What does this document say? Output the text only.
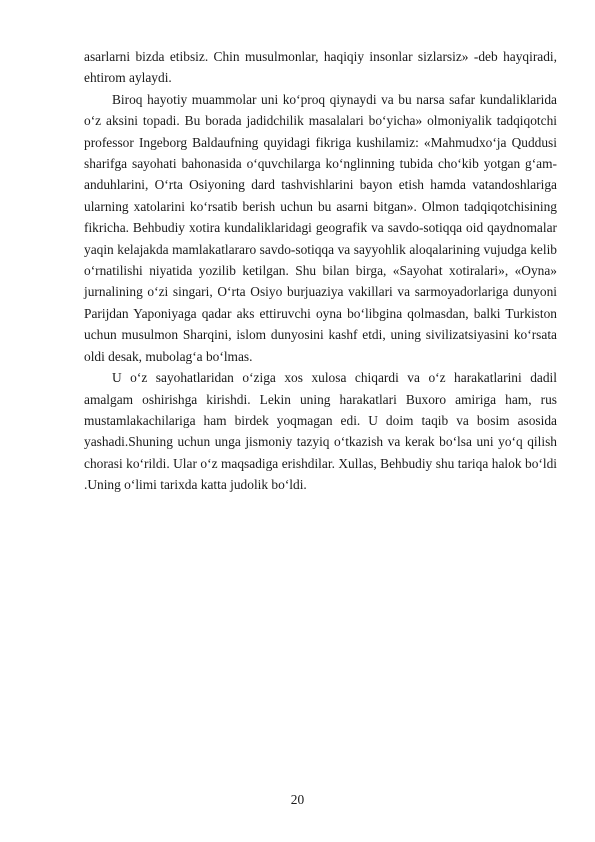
asarlarni bizda etibsiz. Chin musulmonlar, haqiqiy insonlar sizlarsiz» -deb hayqiradi, ehtirom aylaydi.

Biroq hayotiy muammolar uni ko‘proq qiynaydi va bu narsa safar kundaliklarida o‘z aksini topadi. Bu borada jadidchilik masalalari bo‘yicha» olmoniyalik tadqiqotchi professor Ingeborg Baldaufning quyidagi fikriga kushilamiz: «Mahmudxo‘ja Quddusi sharifga sayohati bahonasida o‘quvchilarga ko‘nglinning tubida cho‘kib yotgan g‘am-anduhlarini, O‘rta Osiyoning dard tashvishlarini bayon etish hamda vatandoshlariga ularning xatolarini ko‘rsatib berish uchun bu asarni bitgan». Olmon tadqiqotchisining fikricha. Behbudiy xotira kundaliklaridagi geografik va savdo-sotiqqa oid qaydnomalar yaqin kelajakda mamlakatlararo savdo-sotiqqa va sayyohlik aloqalarining vujudga kelib o‘rnatilishi niyatida yozilib ketilgan. Shu bilan birga, «Sayohat xotiralari», «Oyna» jurnalining o‘zi singari, O‘rta Osiyo burjuaziya vakillari va sarmoyadorlariga dunyoni Parijdan Yaponiyaga qadar aks ettiruvchi oyna bo‘libgina qolmasdan, balki Turkiston uchun musulmon Sharqini, islom dunyosini kashf etdi, uning sivilizatsiyasini ko‘rsata oldi desak, mubolag‘a bo‘lmas.

U o‘z sayohatlaridan o‘ziga xos xulosa chiqardi va o‘z harakatlarini dadil amalgam oshirishga kirishdi. Lekin uning harakatlari Buxoro amiriga ham, rus mustamlakachilariga ham birdek yoqmagan edi. U doim taqib va bosim asosida yashadi.Shuning uchun unga jismoniy tazyiq o‘tkazish va kerak bo‘lsa uni yo‘q qilish chorasi ko‘rildi. Ular o‘z maqsadiga erishdilar. Xullas, Behbudiy shu tariqa halok bo‘ldi .Uning o‘limi tarixda katta judolik bo‘ldi.

20
